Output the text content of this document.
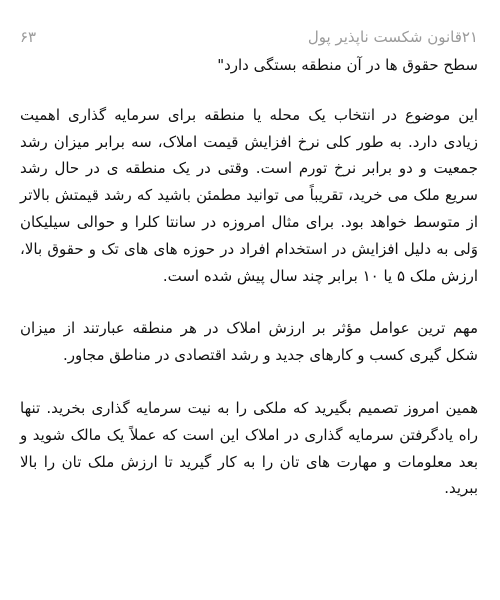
۲۱قانون شکست ناپذیر پول
۶۳

سطح حقوق ها در آن منطقه بستگی دارد"

این موضوع در انتخاب یک محله یا منطقه برای سرمایه گذاری اهمیت زیادی دارد. به طور کلی نرخ افزایش قیمت املاک، سه برابر میزان رشد جمعیت و دو برابر نرخ تورم است. وقتی در یک منطقه ی در حال رشد سریع ملک می خرید، تقریباً می توانید مطمئن باشید که رشد قیمتش بالاتر از متوسط خواهد بود. برای مثال امروزه در سانتا کلرا و حوالی سیلیکان وَلی به دلیل افزایش در استخدام افراد در حوزه های های تک و حقوق بالا، ارزش ملک ۵ یا ۱۰ برابر چند سال پیش شده است.

مهم ترین عوامل مؤثر بر ارزش املاک در هر منطقه عبارتند از میزان شکل گیری کسب و کارهای جدید و رشد اقتصادی در مناطق مجاور.

همین امروز تصمیم بگیرید که ملکی را به نیت سرمایه گذاری بخرید. تنها راه یادگرفتن سرمایه گذاری در املاک این است که عملاً یک مالک شوید و بعد معلومات و مهارت های تان را به کار گیرید تا ارزش ملک تان را بالا ببرید.
